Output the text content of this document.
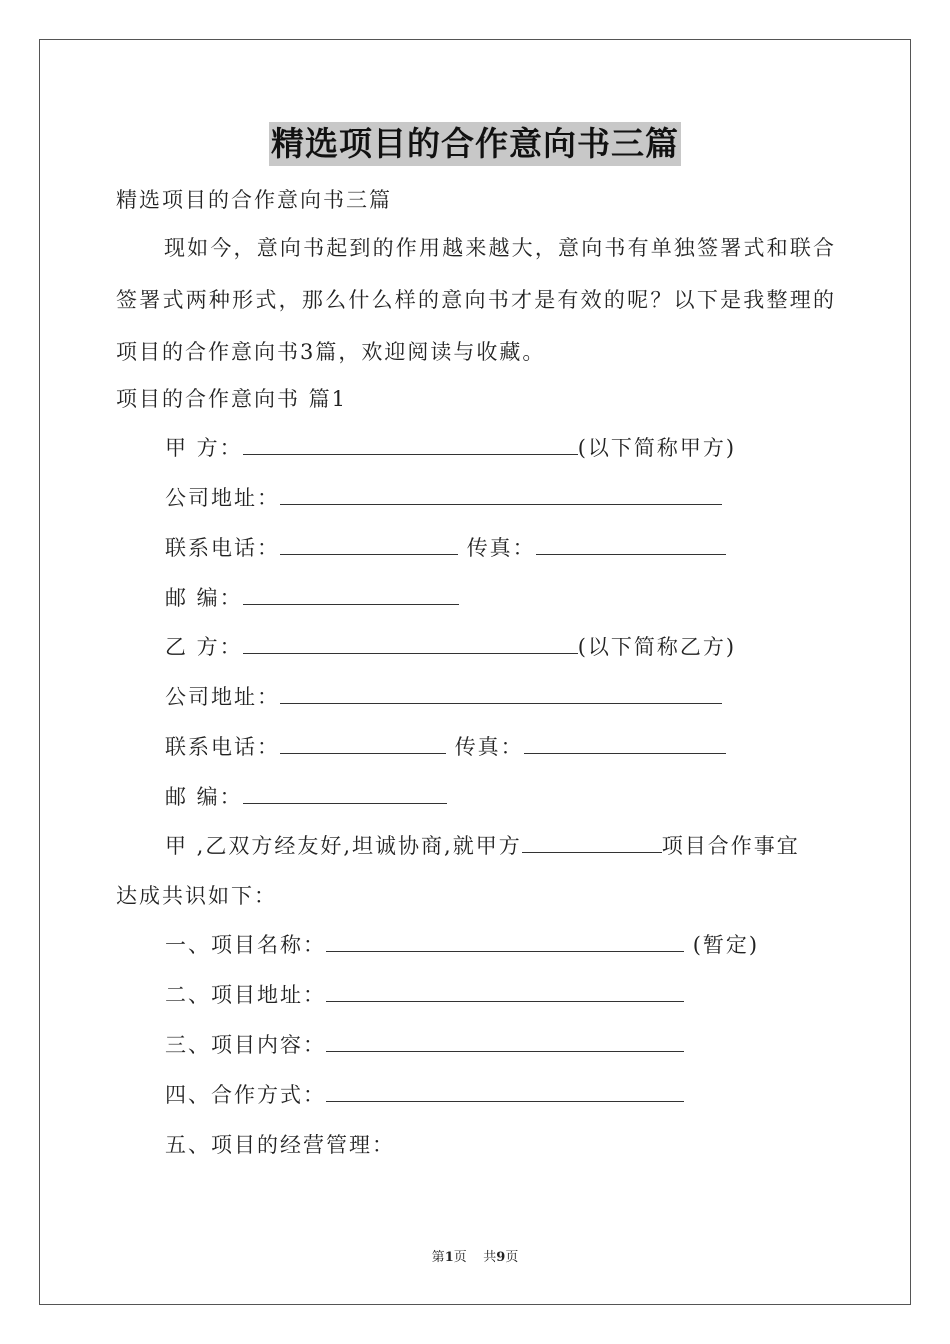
精选项目的合作意向书三篇
精选项目的合作意向书三篇
现如今，意向书起到的作用越来越大，意向书有单独签署式和联合签署式两种形式，那么什么样的意向书才是有效的呢？以下是我整理的项目的合作意向书3篇，欢迎阅读与收藏。
项目的合作意向书 篇1
甲 方：	(以下简称甲方)
公司地址：
联系电话：	传真：
邮 编：
乙 方：	(以下简称乙方)
公司地址：
联系电话：	传真：
邮 编：
甲 ,乙双方经友好,坦诚协商,就甲方	项目合作事宜
达成共识如下：
一、项目名称：	(暂定)
二、项目地址：
三、项目内容：
四、合作方式：
五、项目的经营管理：
第1页    共9页
